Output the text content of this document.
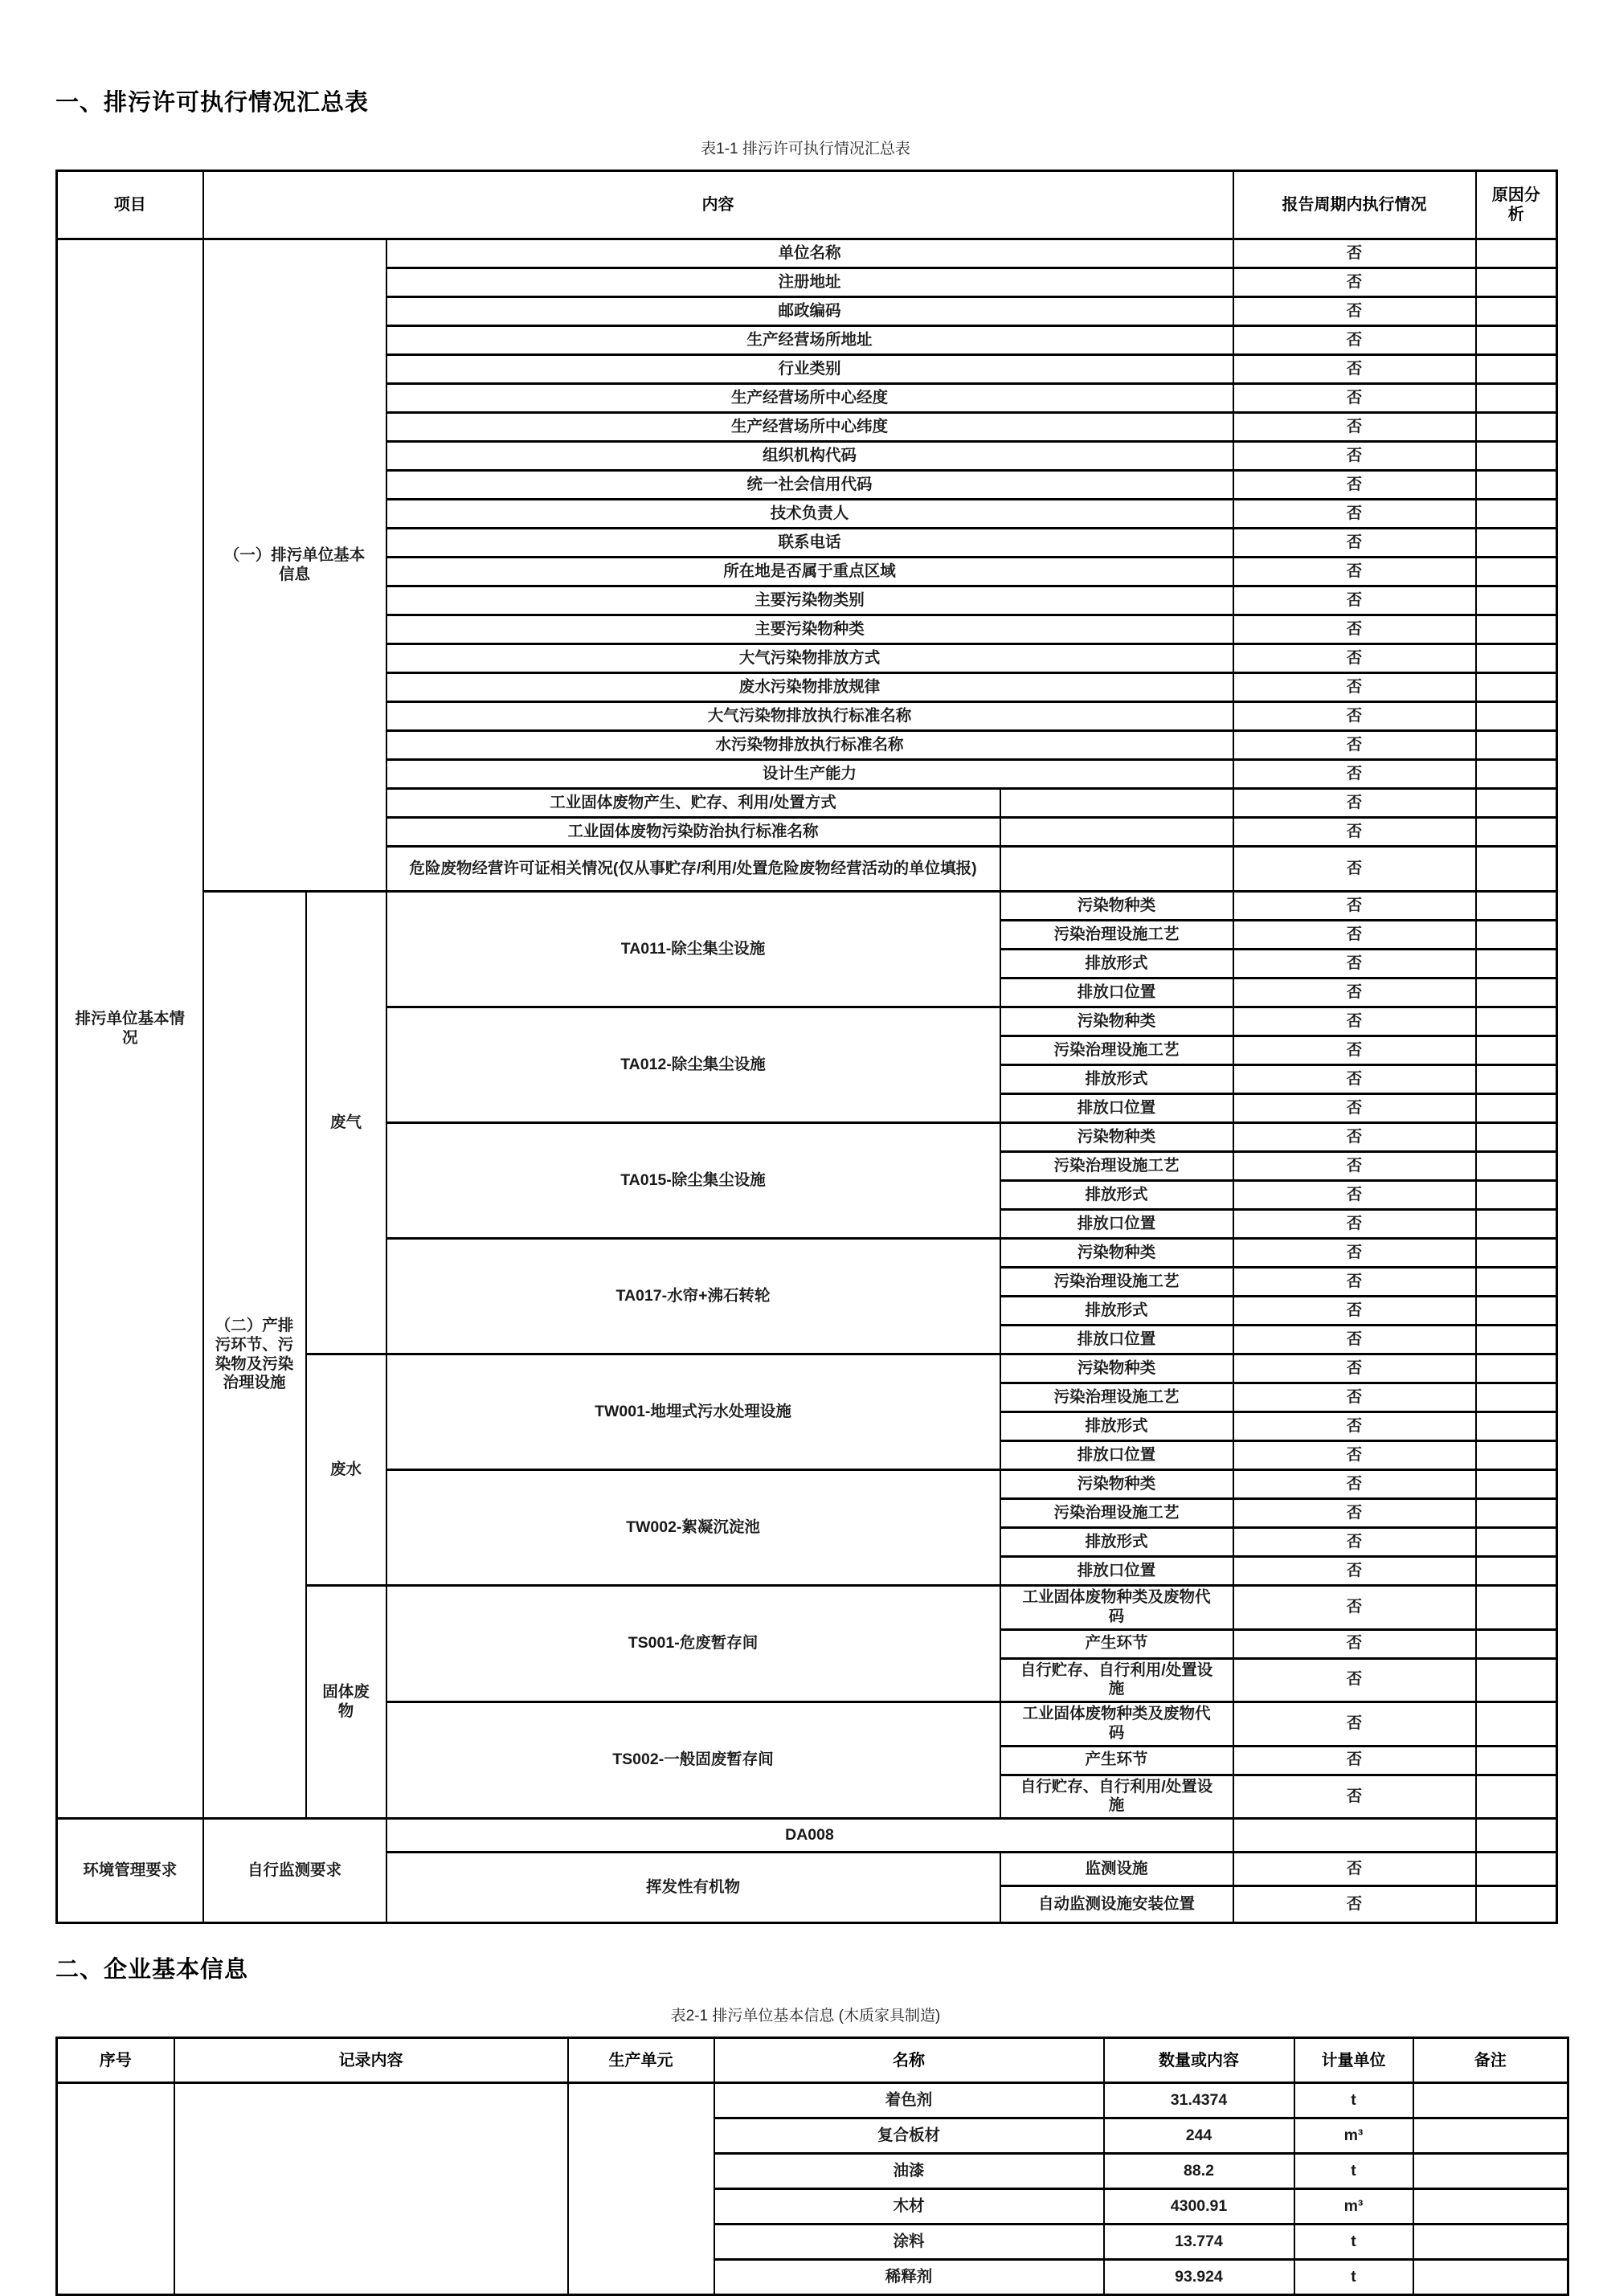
一、排污许可执行情况汇总表
表1-1 排污许可执行情况汇总表
项目	内容				报告周期内执行情况	原因分析
排污单位基本情况	（一）排污单位基本信息		单位名称		否	
			注册地址		否	
			邮政编码		否	
			生产经营场所地址		否	
			行业类别		否	
			生产经营场所中心经度		否	
			生产经营场所中心纬度		否	
			组织机构代码		否	
			统一社会信用代码		否	
			技术负责人		否	
			联系电话		否	
			所在地是否属于重点区域		否	
			主要污染物类别		否	
			主要污染物种类		否	
			大气污染物排放方式		否	
			废水污染物排放规律		否	
			大气污染物排放执行标准名称		否	
			水污染物排放执行标准名称		否	
			设计生产能力		否	
			工业固体废物产生、贮存、利用/处置方式		否	
			工业固体废物污染防治执行标准名称		否	
			危险废物经营许可证相关情况(仅从事贮存/利用/处置危险废物经营活动的单位填报)		否	
	（二）产排污环节、污染物及污染治理设施	废气	TA011-除尘集尘设施	污染物种类	否	
				污染治理设施工艺	否	
				排放形式	否	
				排放口位置	否	
			TA012-除尘集尘设施	污染物种类	否	
				污染治理设施工艺	否	
				排放形式	否	
				排放口位置	否	
			TA015-除尘集尘设施	污染物种类	否	
				污染治理设施工艺	否	
				排放形式	否	
				排放口位置	否	
			TA017-水帘+沸石转轮	污染物种类	否	
				污染治理设施工艺	否	
				排放形式	否	
				排放口位置	否	
		废水	TW001-地埋式污水处理设施	污染物种类	否	
				污染治理设施工艺	否	
				排放形式	否	
				排放口位置	否	
			TW002-絮凝沉淀池	污染物种类	否	
				污染治理设施工艺	否	
				排放形式	否	
				排放口位置	否	
		固体废物	TS001-危废暂存间	工业固体废物种类及废物代码	否	
				产生环节	否	
				自行贮存、自行利用/处置设施	否	
			TS002-一般固废暂存间	工业固体废物种类及废物代码	否	
				产生环节	否	
				自行贮存、自行利用/处置设施	否	
环境管理要求	自行监测要求		DA008			
			挥发性有机物	监测设施	否	
				自动监测设施安装位置	否	
二、企业基本信息
表2-1 排污单位基本信息 (木质家具制造)
序号	记录内容	生产单元	名称	数量或内容	计量单位	备注
			着色剂	31.4374	t	
			复合板材	244	m³	
			油漆	88.2	t	
			木材	4300.91	m³	
			涂料	13.774	t	
			稀释剂	93.924	t	
